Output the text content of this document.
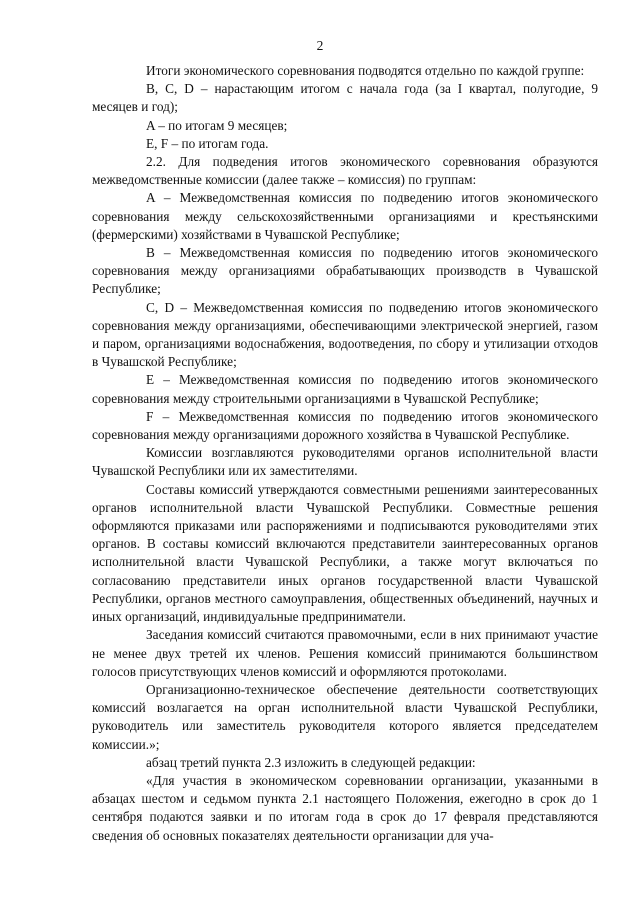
2

Итоги экономического соревнования подводятся отдельно по каждой группе:

B, C, D – нарастающим итогом с начала года (за I квартал, полугодие, 9 месяцев и год);

A – по итогам 9 месяцев;

E, F – по итогам года.

2.2. Для подведения итогов экономического соревнования образуются межведомственные комиссии (далее также – комиссия) по группам:

A – Межведомственная комиссия по подведению итогов экономического соревнования между сельскохозяйственными организациями и крестьянскими (фермерскими) хозяйствами в Чувашской Республике;

B – Межведомственная комиссия по подведению итогов экономического соревнования между организациями обрабатывающих производств в Чувашской Республике;

C, D – Межведомственная комиссия по подведению итогов экономического соревнования между организациями, обеспечивающими электрической энергией, газом и паром, организациями водоснабжения, водоотведения, по сбору и утилизации отходов в Чувашской Республике;

E – Межведомственная комиссия по подведению итогов экономического соревнования между строительными организациями в Чувашской Республике;

F – Межведомственная комиссия по подведению итогов экономического соревнования между организациями дорожного хозяйства в Чувашской Республике.

Комиссии возглавляются руководителями органов исполнительной власти Чувашской Республики или их заместителями.

Составы комиссий утверждаются совместными решениями заинтересованных органов исполнительной власти Чувашской Республики. Совместные решения оформляются приказами или распоряжениями и подписываются руководителями этих органов. В составы комиссий включаются представители заинтересованных органов исполнительной власти Чувашской Республики, а также могут включаться по согласованию представители иных органов государственной власти Чувашской Республики, органов местного самоуправления, общественных объединений, научных и иных организаций, индивидуальные предприниматели.

Заседания комиссий считаются правомочными, если в них принимают участие не менее двух третей их членов. Решения комиссий принимаются большинством голосов присутствующих членов комиссий и оформляются протоколами.

Организационно-техническое обеспечение деятельности соответствующих комиссий возлагается на орган исполнительной власти Чувашской Республики, руководитель или заместитель руководителя которого является председателем комиссии.»;

абзац третий пункта 2.3 изложить в следующей редакции:

«Для участия в экономическом соревновании организации, указанными в абзацах шестом и седьмом пункта 2.1 настоящего Положения, ежегодно в срок до 1 сентября подаются заявки и по итогам года в срок до 17 февраля представляются сведения об основных показателях деятельности организации для уча-
